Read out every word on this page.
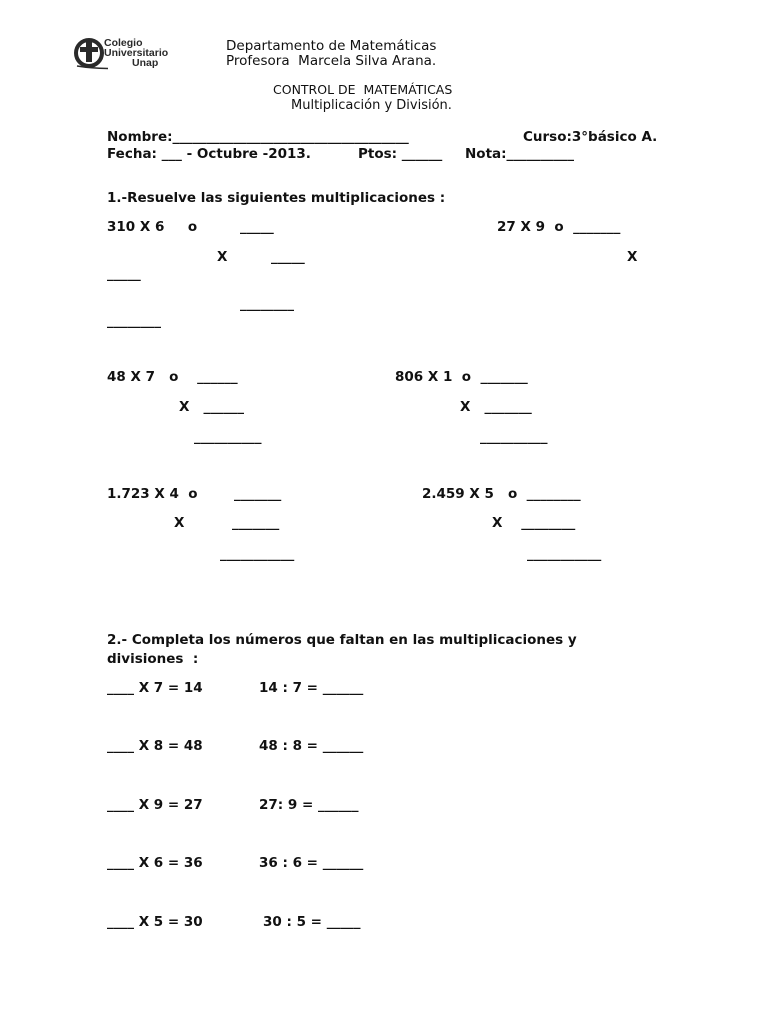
Colegio
Universitario
Unap
Departamento de Matemáticas
Profesora  Marcela Silva Arana.
CONTROL DE  MATEMÁTICAS
Multiplicación y División.
Nombre:___________________________________	Curso:3°básico A.
Fecha: ___ - Octubre -2013.	Ptos: ______ Nota:__________
1.-Resuelve las siguientes multiplicaciones :
310 X 6     o	_____
X	_____
_____
________
________
27 X 9  o  _______
X
48 X 7   o    ______
X   ______
__________
806 X 1  o  _______
X   _______
__________
1.723 X 4  o	_______
X	_______
___________
2.459 X 5   o  ________
X    ________
___________
2.- Completa los números que faltan en las multiplicaciones y
divisiones  :
____ X 7 = 14	14 : 7 = ______
____ X 8 = 48	48 : 8 = ______
____ X 9 = 27	27: 9 = ______
____ X 6 = 36	36 : 6 = ______
____ X 5 = 30	30 : 5 = _____
